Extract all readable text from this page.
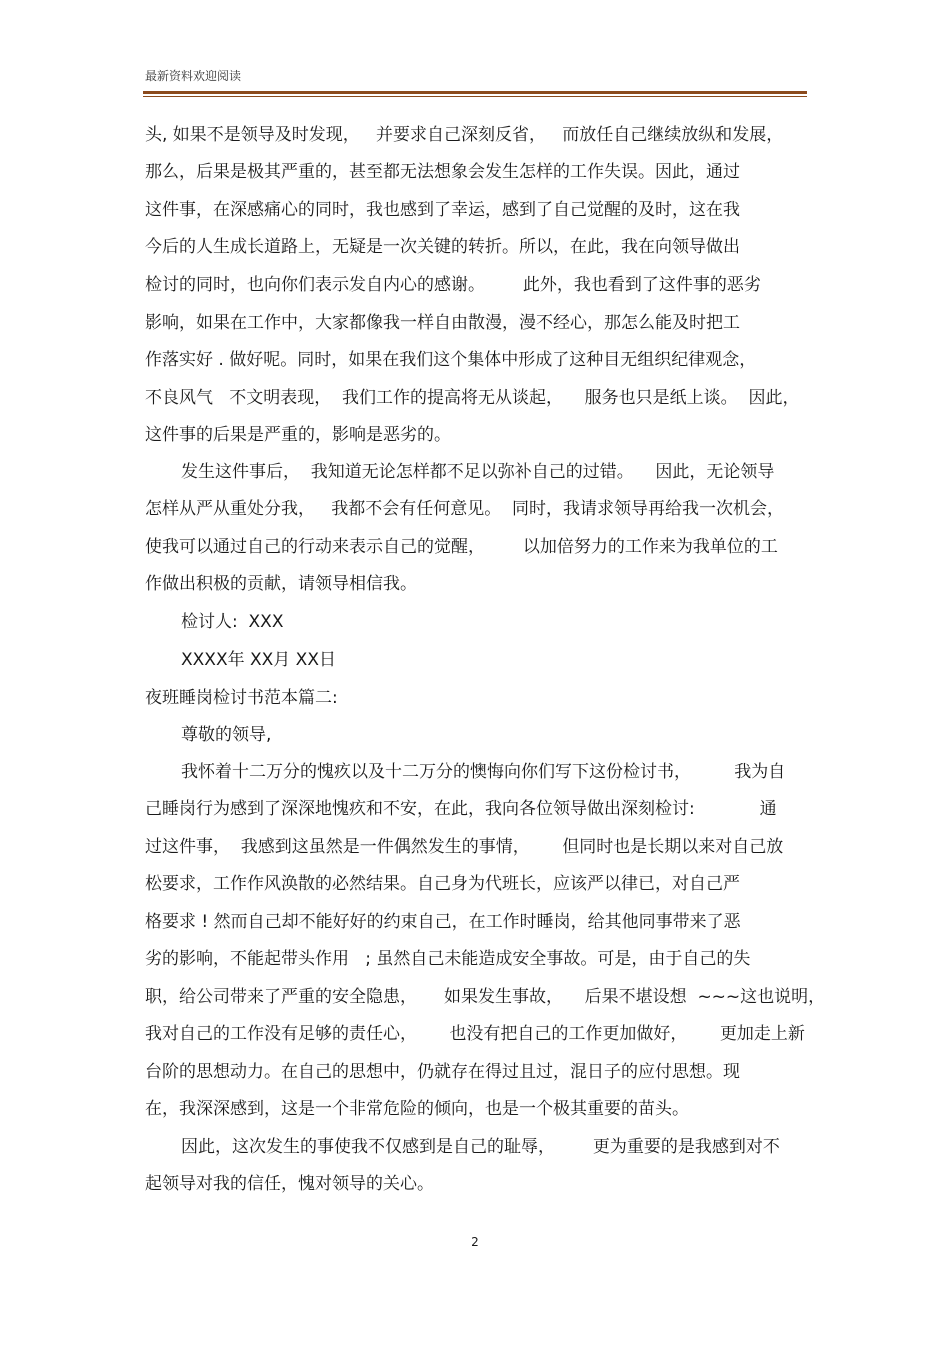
最新资料欢迎阅读
头, 如果不是领导及时发现，   并要求自己深刻反省，   而放任自己继续放纵和发展，
那么，后果是极其严重的，甚至都无法想象会发生怎样的工作失误。因此，通过
这件事，在深感痛心的同时，我也感到了幸运，感到了自己觉醒的及时，这在我
今后的人生成长道路上，无疑是一次关键的转折。所以，在此，我在向领导做出
检讨的同时，也向你们表示发自内心的感谢。       此外，我也看到了这件事的恶劣
影响，如果在工作中，大家都像我一样自由散漫，漫不经心，那怎么能及时把工
作落实好 . 做好呢。同时，如果在我们这个集体中形成了这种目无组织纪律观念，
不良风气   不文明表现，  我们工作的提高将无从谈起，    服务也只是纸上谈。  因此，
这件事的后果是严重的，影响是恶劣的。
发生这件事后，  我知道无论怎样都不足以弥补自己的过错。    因此，无论领导
怎样从严从重处分我，   我都不会有任何意见。  同时，我请求领导再给我一次机会，
使我可以通过自己的行动来表示自己的觉醒，       以加倍努力的工作来为我单位的工
作做出积极的贡献，请领导相信我。
检讨人:  XXX
XXXX年 XX月 XX日
夜班睡岗检讨书范本篇二:
尊敬的领导,
我怀着十二万分的愧疚以及十二万分的懊悔向你们写下这份检讨书，        我为自
己睡岗行为感到了深深地愧疚和不安，在此，我向各位领导做出深刻检讨:            通
过这件事，  我感到这虽然是一件偶然发生的事情，      但同时也是长期以来对自己放
松要求，工作作风涣散的必然结果。自己身为代班长，应该严以律已，对自己严
格要求 ! 然而自己却不能好好的约束自己，在工作时睡岗，给其他同事带来了恶
劣的影响，不能起带头作用   ; 虽然自己未能造成安全事故。可是，由于自己的失
职，给公司带来了严重的安全隐患，     如果发生事故，    后果不堪设想  ~~~这也说明，
我对自己的工作没有足够的责任心，      也没有把自己的工作更加做好，      更加走上新
台阶的思想动力。在自己的思想中，仍就存在得过且过，混日子的应付思想。现
在，我深深感到，这是一个非常危险的倾向，也是一个极其重要的苗头。
因此，这次发生的事使我不仅感到是自己的耻辱，       更为重要的是我感到对不
起领导对我的信任，愧对领导的关心。
2
